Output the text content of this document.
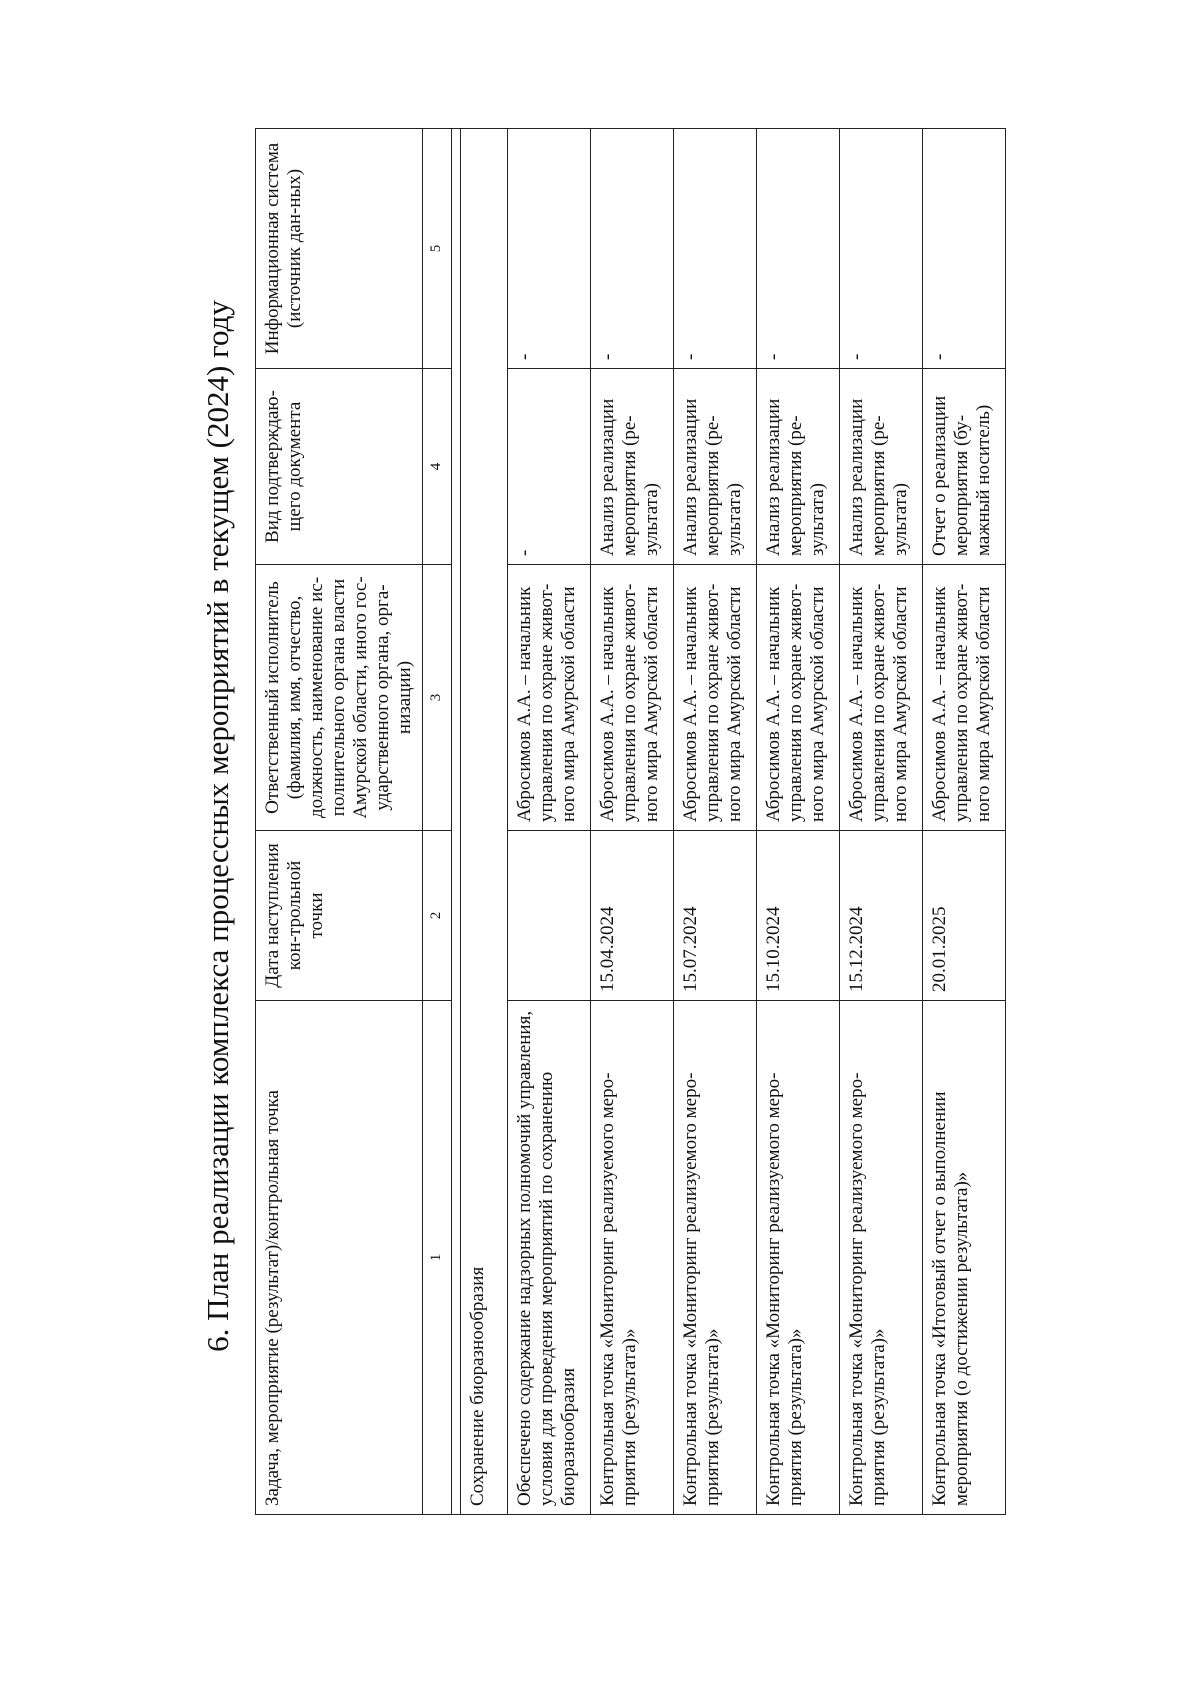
6. План реализации комплекса процессных мероприятий в текущем (2024) году Задача, мероприятие (результат)/контрольная точка	Дата наступления кон-трольной точки	Ответственный исполнитель (фамилия, имя, отчество, должность, наименование ис-полнительного органа власти Амурской области, иного гос-ударственного органа, орга-низации)	Вид подтверждаю-щего документа	Информационная система (источник дан-ных)
1	2	3	4	5

Сохранение биоразнообразия				
Обеспечено содержание надзорных полномочий управления, условия для проведения мероприятий по сохранению биоразнообразия		Абросимов А.А. – начальник управления по охране живот-ного мира Амурской области	-	-
Контрольная точка «Мониторинг реализуемого меро-приятия (результата)»	15.04.2024	Абросимов А.А. – начальник управления по охране живот-ного мира Амурской области	Анализ реализации мероприятия (ре-зультата)	-
Контрольная точка «Мониторинг реализуемого меро-приятия (результата)»	15.07.2024	Абросимов А.А. – начальник управления по охране живот-ного мира Амурской области	Анализ реализации мероприятия (ре-зультата)	-
Контрольная точка «Мониторинг реализуемого меро-приятия (результата)»	15.10.2024	Абросимов А.А. – начальник управления по охране живот-ного мира Амурской области	Анализ реализации мероприятия (ре-зультата)	-
Контрольная точка «Мониторинг реализуемого меро-приятия (результата)»	15.12.2024	Абросимов А.А. – начальник управления по охране живот-ного мира Амурской области	Анализ реализации мероприятия (ре-зультата)	-
Контрольная точка «Итоговый отчет о выполнении мероприятия (о достижении результата)»	20.01.2025	Абросимов А.А. – начальник управления по охране живот-ного мира Амурской области	Отчет о реализации мероприятия (бу-мажный носитель)	-
